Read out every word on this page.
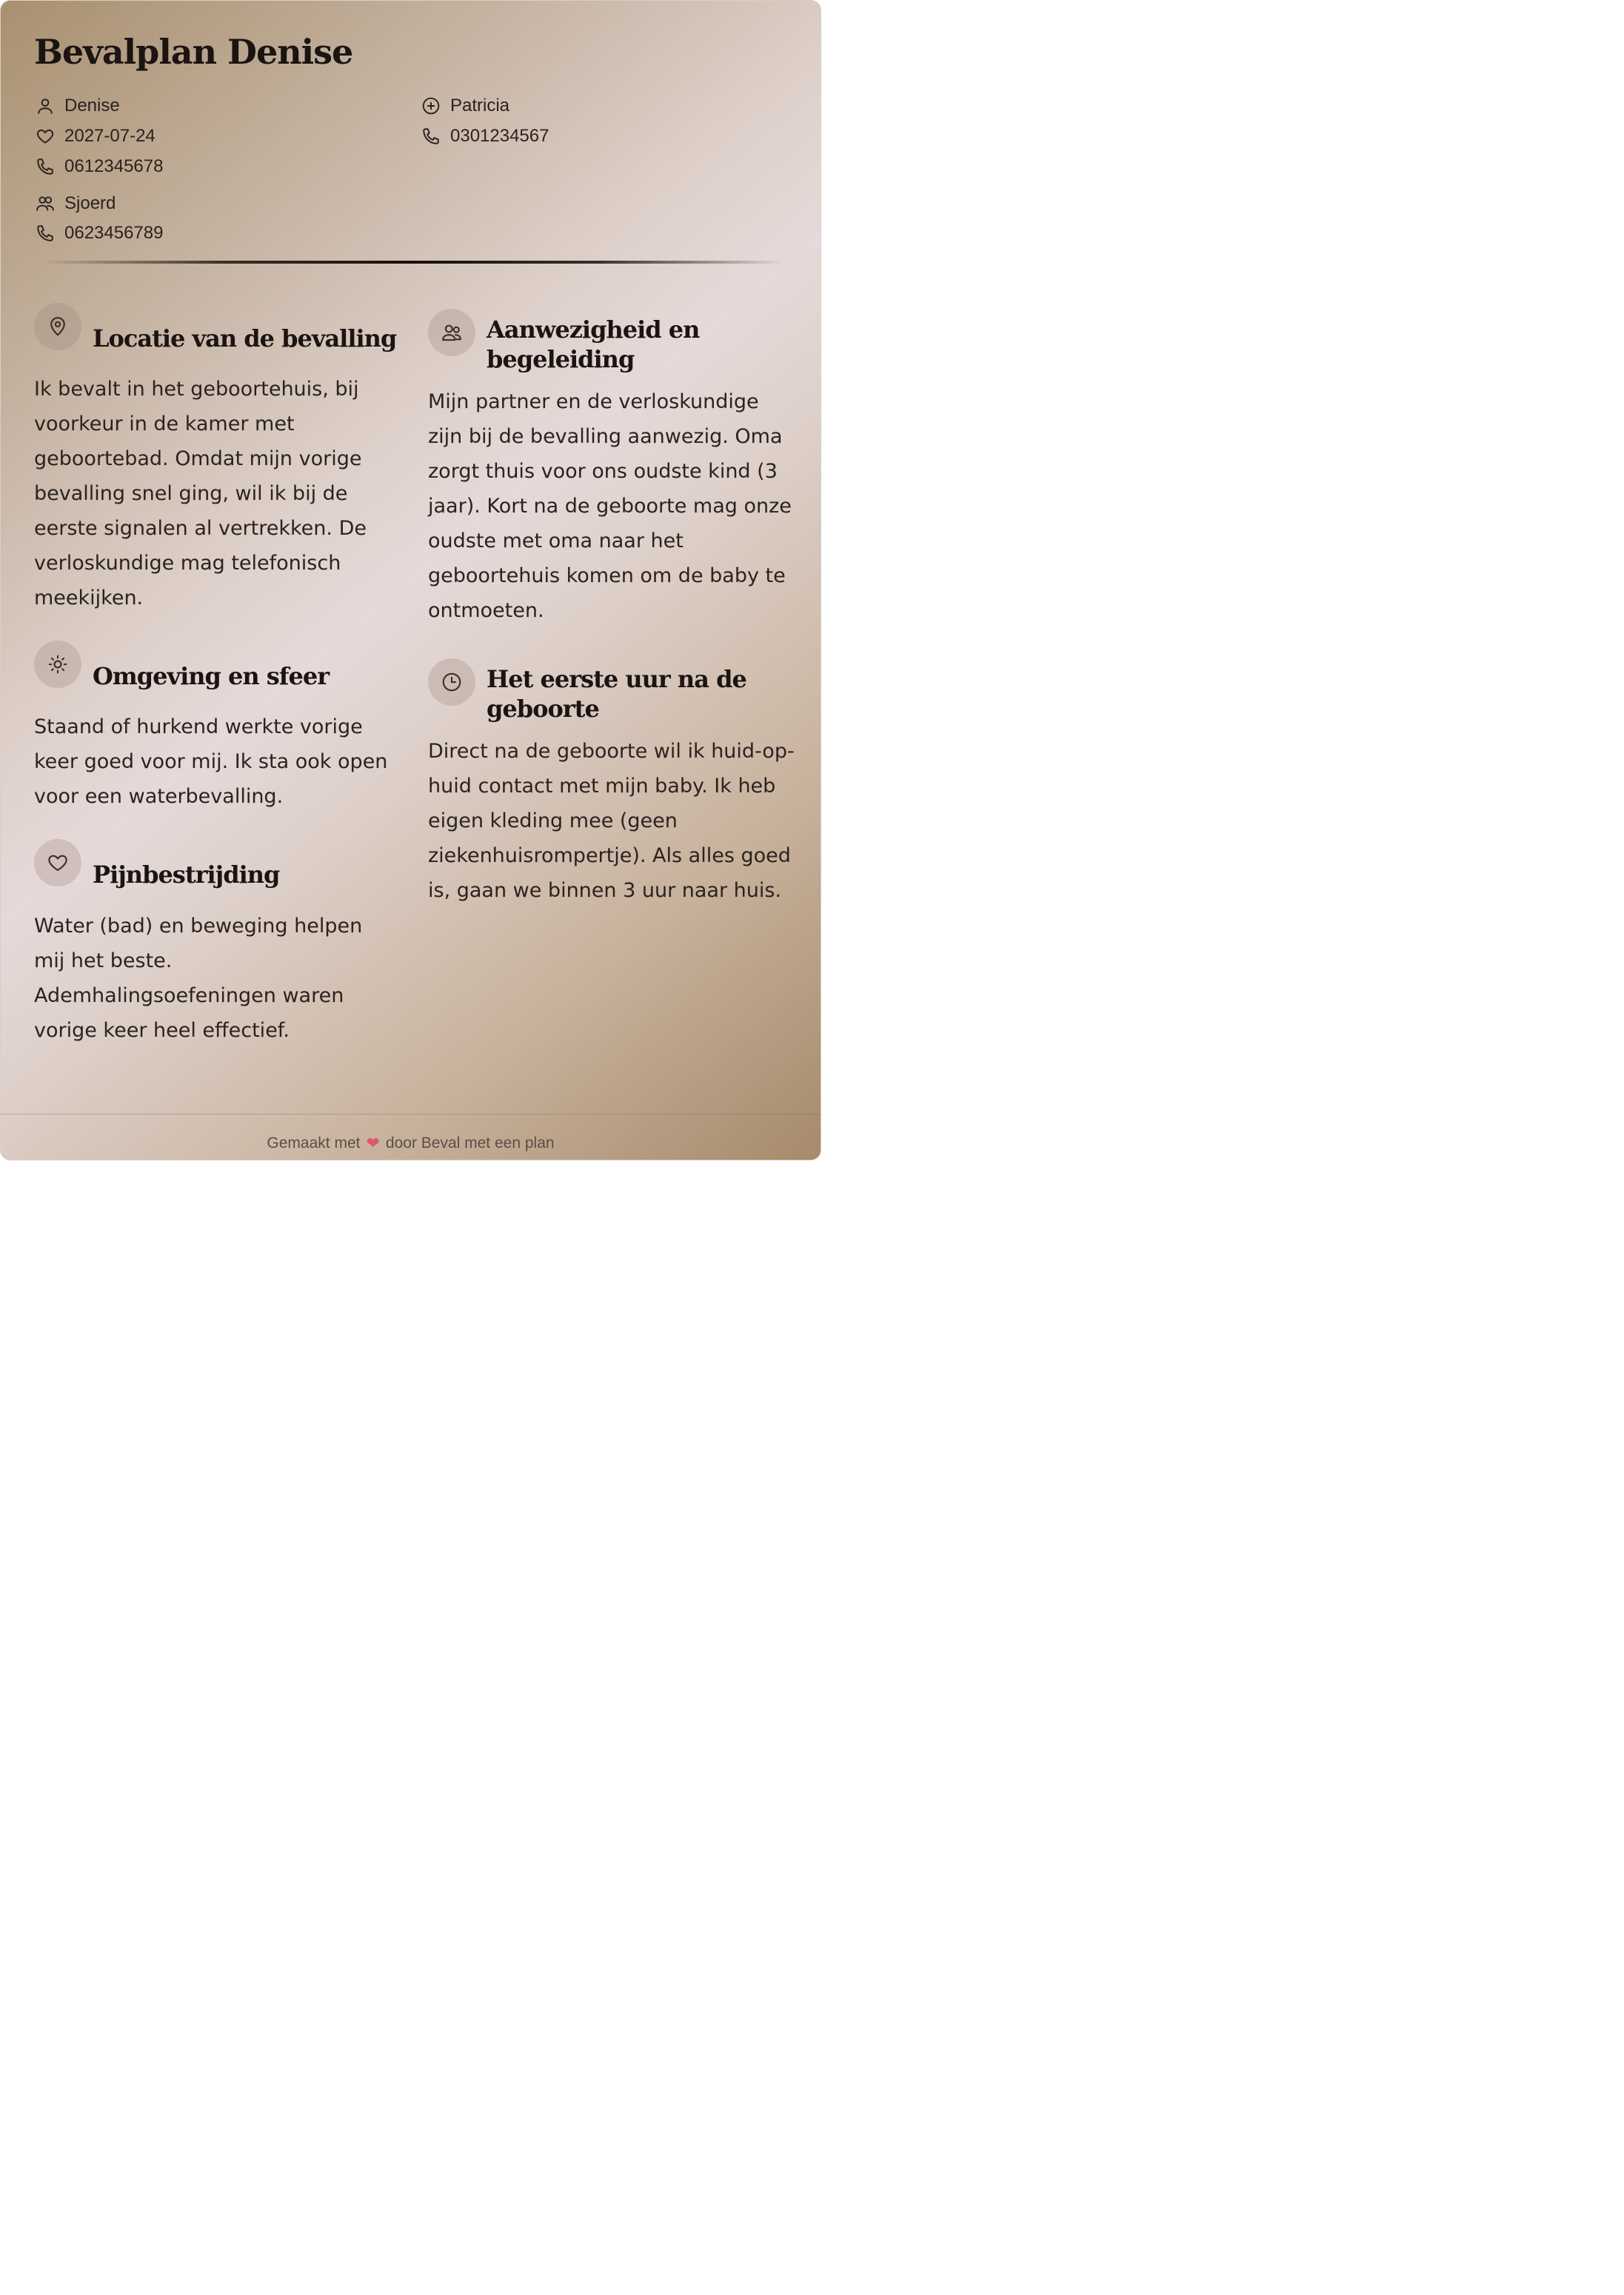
Bevalplan Denise
Denise
2027-07-24
0612345678
Sjoerd
0623456789
Patricia
0301234567
Locatie van de bevalling

Ik bevalt in het geboortehuis, bij voorkeur in de kamer met geboortebad. Omdat mijn vorige bevalling snel ging, wil ik bij de eerste signalen al vertrekken. De verloskundige mag telefonisch meekijken.

Omgeving en sfeer

Staand of hurkend werkte vorige keer goed voor mij. Ik sta ook open voor een waterbevalling.

Pijnbestrijding

Water (bad) en beweging helpen mij het beste. Ademhalingsoefeningen waren vorige keer heel effectief.

Aanwezigheid en begeleiding

Mijn partner en de verloskundige zijn bij de bevalling aanwezig. Oma zorgt thuis voor ons oudste kind (3 jaar). Kort na de geboorte mag onze oudste met oma naar het geboortehuis komen om de baby te ontmoeten.

Het eerste uur na de geboorte

Direct na de geboorte wil ik huid-op-huid contact met mijn baby. Ik heb eigen kleding mee (geen ziekenhuisrompertje). Als alles goed is, gaan we binnen 3 uur naar huis.

Gemaakt met ❤ door Beval met een plan
